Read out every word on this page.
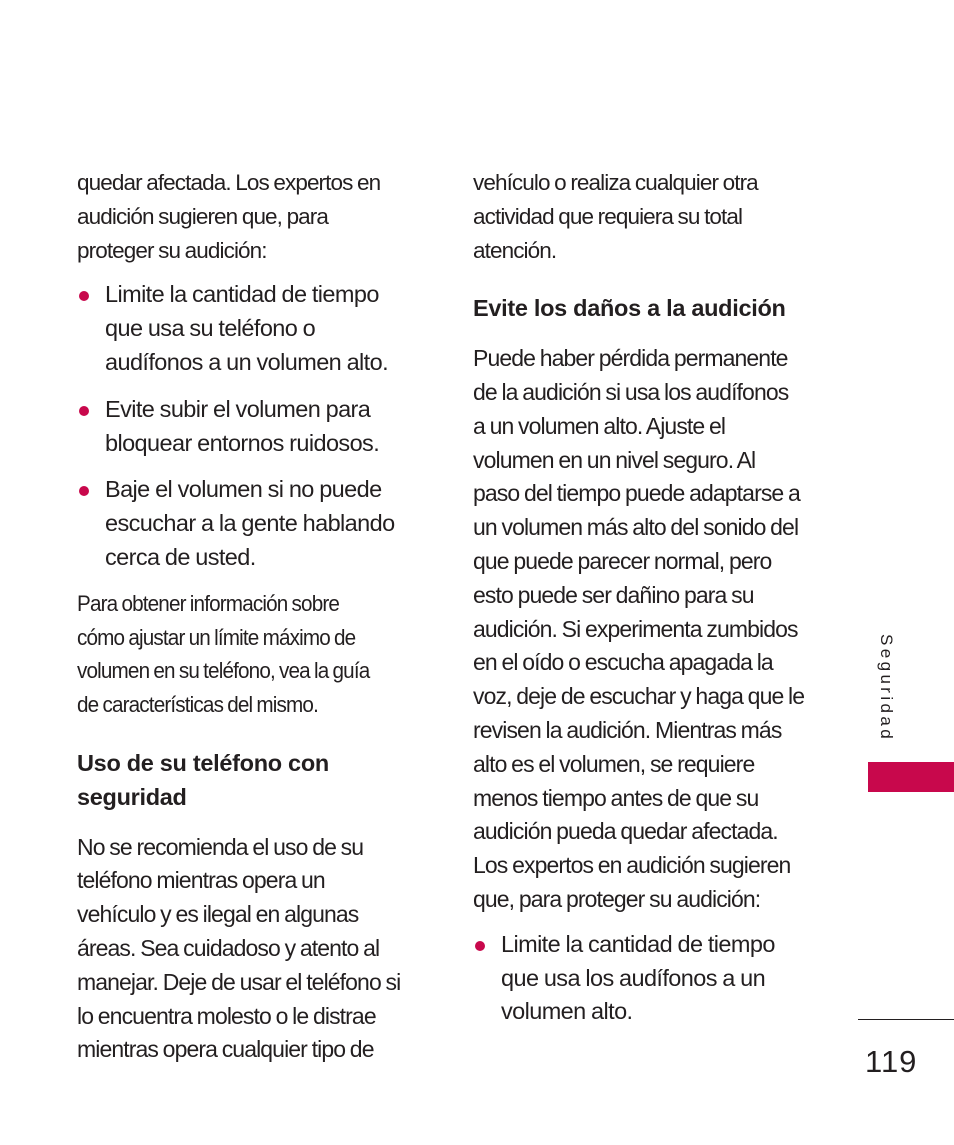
quedar afectada. Los expertos en
audición sugieren que, para
proteger su audición:

Limite la cantidad de tiempo
que usa su teléfono o
audífonos a un volumen alto.
Evite subir el volumen para
bloquear entornos ruidosos.
Baje el volumen si no puede
escuchar a la gente hablando
cerca de usted.

Para obtener información sobre
cómo ajustar un límite máximo de
volumen en su teléfono, vea la guía
de características del mismo.

Uso de su teléfono con
seguridad

No se recomienda el uso de su
teléfono mientras opera un
vehículo y es ilegal en algunas
áreas. Sea cuidadoso y atento al
manejar. Deje de usar el teléfono si
lo encuentra molesto o le distrae
mientras opera cualquier tipo de

vehículo o realiza cualquier otra
actividad que requiera su total
atención.

Evite los daños a la audición

Puede haber pérdida permanente
de la audición si usa los audífonos
a un volumen alto. Ajuste el
volumen en un nivel seguro. Al
paso del tiempo puede adaptarse a
un volumen más alto del sonido del
que puede parecer normal, pero
esto puede ser dañino para su
audición. Si experimenta zumbidos
en el oído o escucha apagada la
voz, deje de escuchar y haga que le
revisen la audición. Mientras más
alto es el volumen, se requiere
menos tiempo antes de que su
audición pueda quedar afectada.
Los expertos en audición sugieren
que, para proteger su audición:

Limite la cantidad de tiempo
que usa los audífonos a un
volumen alto.
Seguridad
119
